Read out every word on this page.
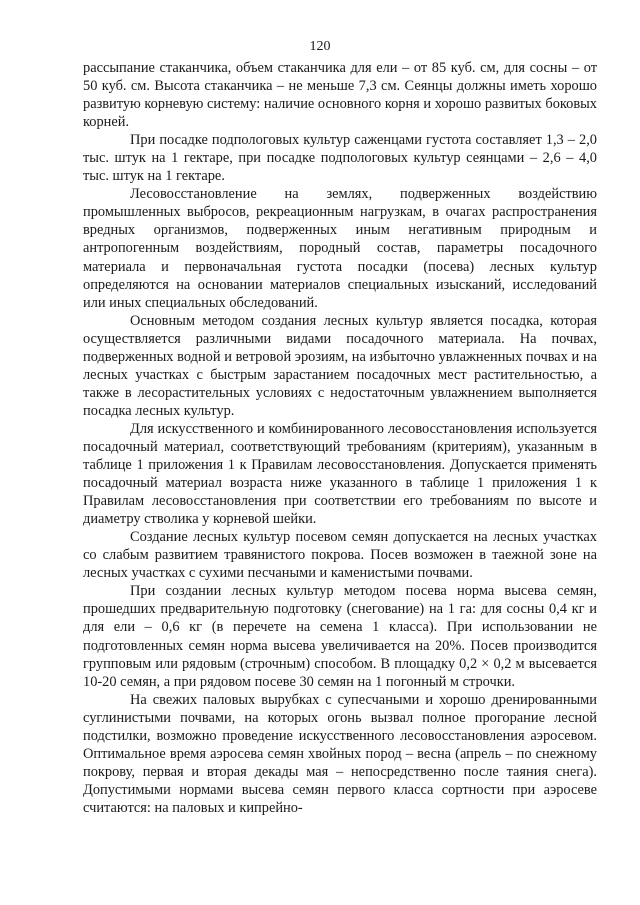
120

рассыпание стаканчика, объем стаканчика для ели – от 85 куб. см, для сосны – от 50 куб. см. Высота стаканчика – не меньше 7,3 см. Сеянцы должны иметь хорошо развитую корневую систему: наличие основного корня и хорошо развитых боковых корней.

При посадке подпологовых культур саженцами густота составляет 1,3 – 2,0 тыс. штук на 1 гектаре, при посадке подпологовых культур сеянцами – 2,6 – 4,0 тыс. штук на 1 гектаре.

Лесовосстановление на землях, подверженных воздействию промышленных выбросов, рекреационным нагрузкам, в очагах распространения вредных организмов, подверженных иным негативным природным и антропогенным воздействиям, породный состав, параметры посадочного материала и первоначальная густота посадки (посева) лесных культур определяются на основании материалов специальных изысканий, исследований или иных специальных обследований.

Основным методом создания лесных культур является посадка, которая осуществляется различными видами посадочного материала. На почвах, подверженных водной и ветровой эрозиям, на избыточно увлажненных почвах и на лесных участках с быстрым зарастанием посадочных мест растительностью, а также в лесорастительных условиях с недостаточным увлажнением выполняется посадка лесных культур.

Для искусственного и комбинированного лесовосстановления используется посадочный материал, соответствующий требованиям (критериям), указанным в таблице 1 приложения 1 к Правилам лесовосстановления. Допускается применять посадочный материал возраста ниже указанного в таблице 1 приложения 1 к Правилам лесовосстановления при соответствии его требованиям по высоте и диаметру стволика у корневой шейки.

Создание лесных культур посевом семян допускается на лесных участках со слабым развитием травянистого покрова. Посев возможен в таежной зоне на лесных участках с сухими песчаными и каменистыми почвами.

При создании лесных культур методом посева норма высева семян, прошедших предварительную подготовку (снегование) на 1 га: для сосны 0,4 кг и для ели – 0,6 кг (в перечете на семена 1 класса). При использовании не подготовленных семян норма высева увеличивается на 20%. Посев производится групповым или рядовым (строчным) способом. В площадку 0,2 × 0,2 м высевается 10-20 семян, а при рядовом посеве 30 семян на 1 погонный м строчки.

На свежих паловых вырубках с супесчаными и хорошо дренированными суглинистыми почвами, на которых огонь вызвал полное прогорание лесной подстилки, возможно проведение искусственного лесовосстановления аэросевом. Оптимальное время аэросева семян хвойных пород – весна (апрель – по снежному покрову, первая и вторая декады мая – непосредственно после таяния снега). Допустимыми нормами высева семян первого класса сортности при аэросеве считаются: на паловых и кипрейно-
